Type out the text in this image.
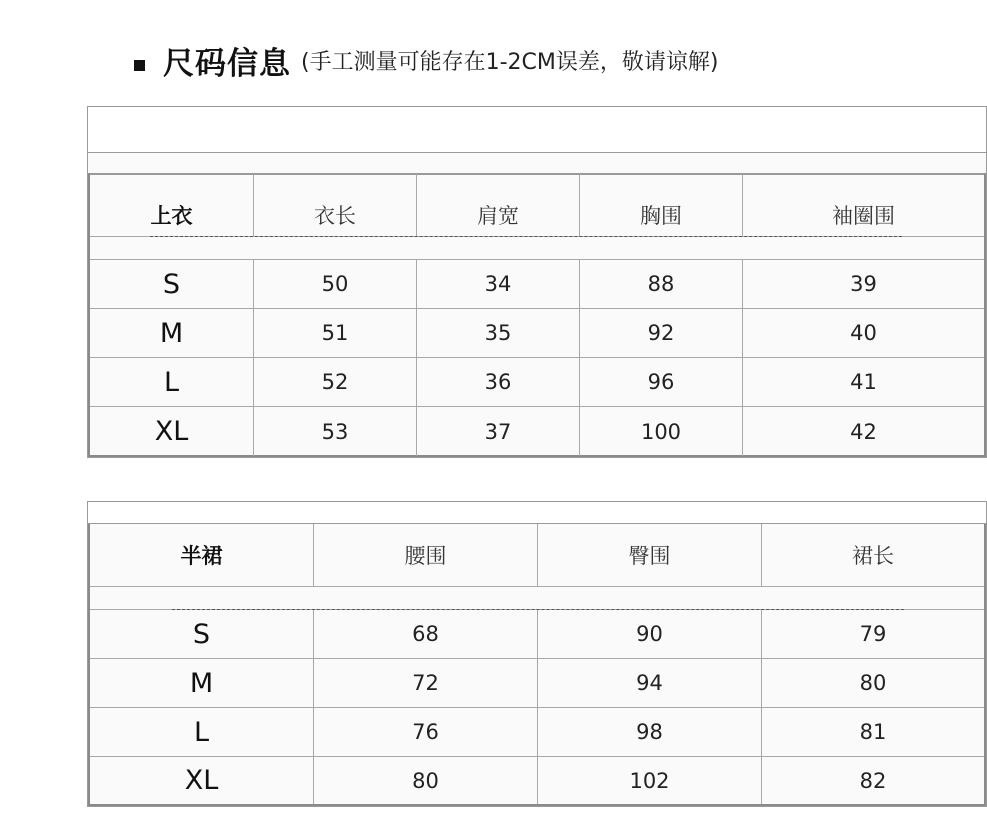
尺码信息 (手工测量可能存在1-2CM误差，敬请谅解)
上衣	衣长	肩宽	胸围	袖圈围
S	50	34	88	39
M	51	35	92	40
L	52	36	96	41
XL	53	37	100	42
半裙	腰围	臀围	裙长
S	68	90	79
M	72	94	80
L	76	98	81
XL	80	102	82
